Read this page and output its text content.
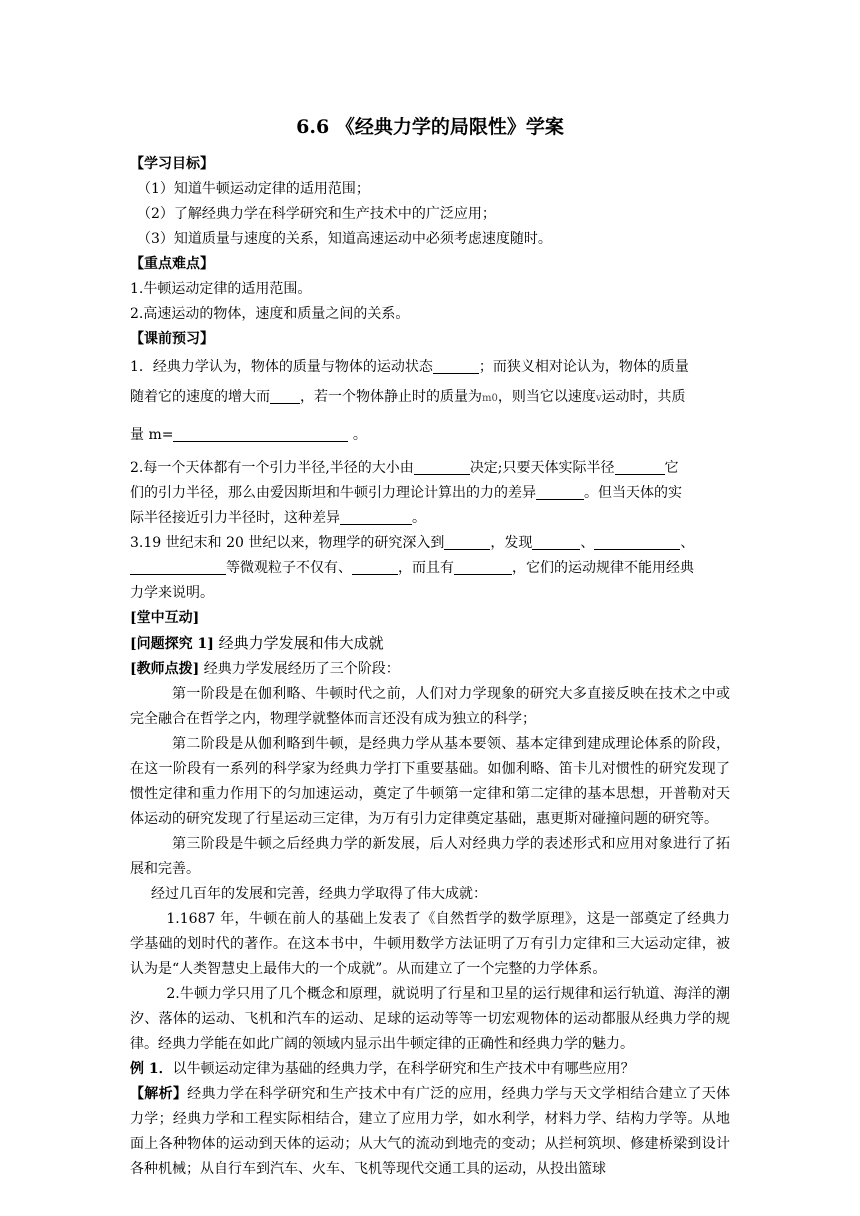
6.6 《经典力学的局限性》学案

【学习目标】

（1）知道牛顿运动定律的适用范围；

（2）了解经典力学在科学研究和生产技术中的广泛应用；

（3）知道质量与速度的关系，知道高速运动中必须考虑速度随时。

【重点难点】

1.牛顿运动定律的适用范围。

2.高速运动的物体，速度和质量之间的关系。

【课前预习】

1．经典力学认为，物体的质量与物体的运动状态	；而狭义相对论认为，物体的质量
随着它的速度的增大而 ，若一个物体静止时的质量为m0，则当它以速度v运动时，共质

量 m=	。

2.每一个天体都有一个引力半径,半径的大小由	决定;只要天体实际半径	它
们的引力半径，那么由爱因斯坦和牛顿引力理论计算出的力的差异	。但当天体的实
际半径接近引力半径时，这种差异	。

3.19 世纪末和 20 世纪以来，物理学的研究深入到	，发现	、	、
等微观粒子不仅有、	，而且有	，它们的运动规律不能用经典
力学来说明。

[堂中互动]

[问题探究 1] 经典力学发展和伟大成就

[教师点拨] 经典力学发展经历了三个阶段：

第一阶段是在伽利略、牛顿时代之前，人们对力学现象的研究大多直接反映在技术之中或完全融合在哲学之内，物理学就整体而言还没有成为独立的科学；

第二阶段是从伽利略到牛顿，是经典力学从基本要领、基本定律到建成理论体系的阶段，在这一阶段有一系列的科学家为经典力学打下重要基础。如伽利略、笛卡儿对惯性的研究发现了惯性定律和重力作用下的匀加速运动，奠定了牛顿第一定律和第二定律的基本思想，开普勒对天体运动的研究发现了行星运动三定律，为万有引力定律奠定基础，惠更斯对碰撞问题的研究等。

第三阶段是牛顿之后经典力学的新发展，后人对经典力学的表述形式和应用对象进行了拓展和完善。

经过几百年的发展和完善，经典力学取得了伟大成就：

1.1687 年，牛顿在前人的基础上发表了《自然哲学的数学原理》，这是一部奠定了经典力学基础的划时代的著作。在这本书中，牛顿用数学方法证明了万有引力定律和三大运动定律，被认为是“人类智慧史上最伟大的一个成就”。从而建立了一个完整的力学体系。

2.牛顿力学只用了几个概念和原理，就说明了行星和卫星的运行规律和运行轨道、海洋的潮汐、落体的运动、飞机和汽车的运动、足球的运动等等一切宏观物体的运动都服从经典力学的规律。经典力学能在如此广阔的领域内显示出牛顿定律的正确性和经典力学的魅力。

例 1．以牛顿运动定律为基础的经典力学，在科学研究和生产技术中有哪些应用？

【解析】经典力学在科学研究和生产技术中有广泛的应用，经典力学与天文学相结合建立了天体力学；经典力学和工程实际相结合，建立了应用力学，如水利学，材料力学、结构力学等。从地面上各种物体的运动到天体的运动；从大气的流动到地壳的变动；从拦柯筑坝、修建桥梁到设计各种机械；从自行车到汽车、火车、飞机等现代交通工具的运动，从投出篮球
